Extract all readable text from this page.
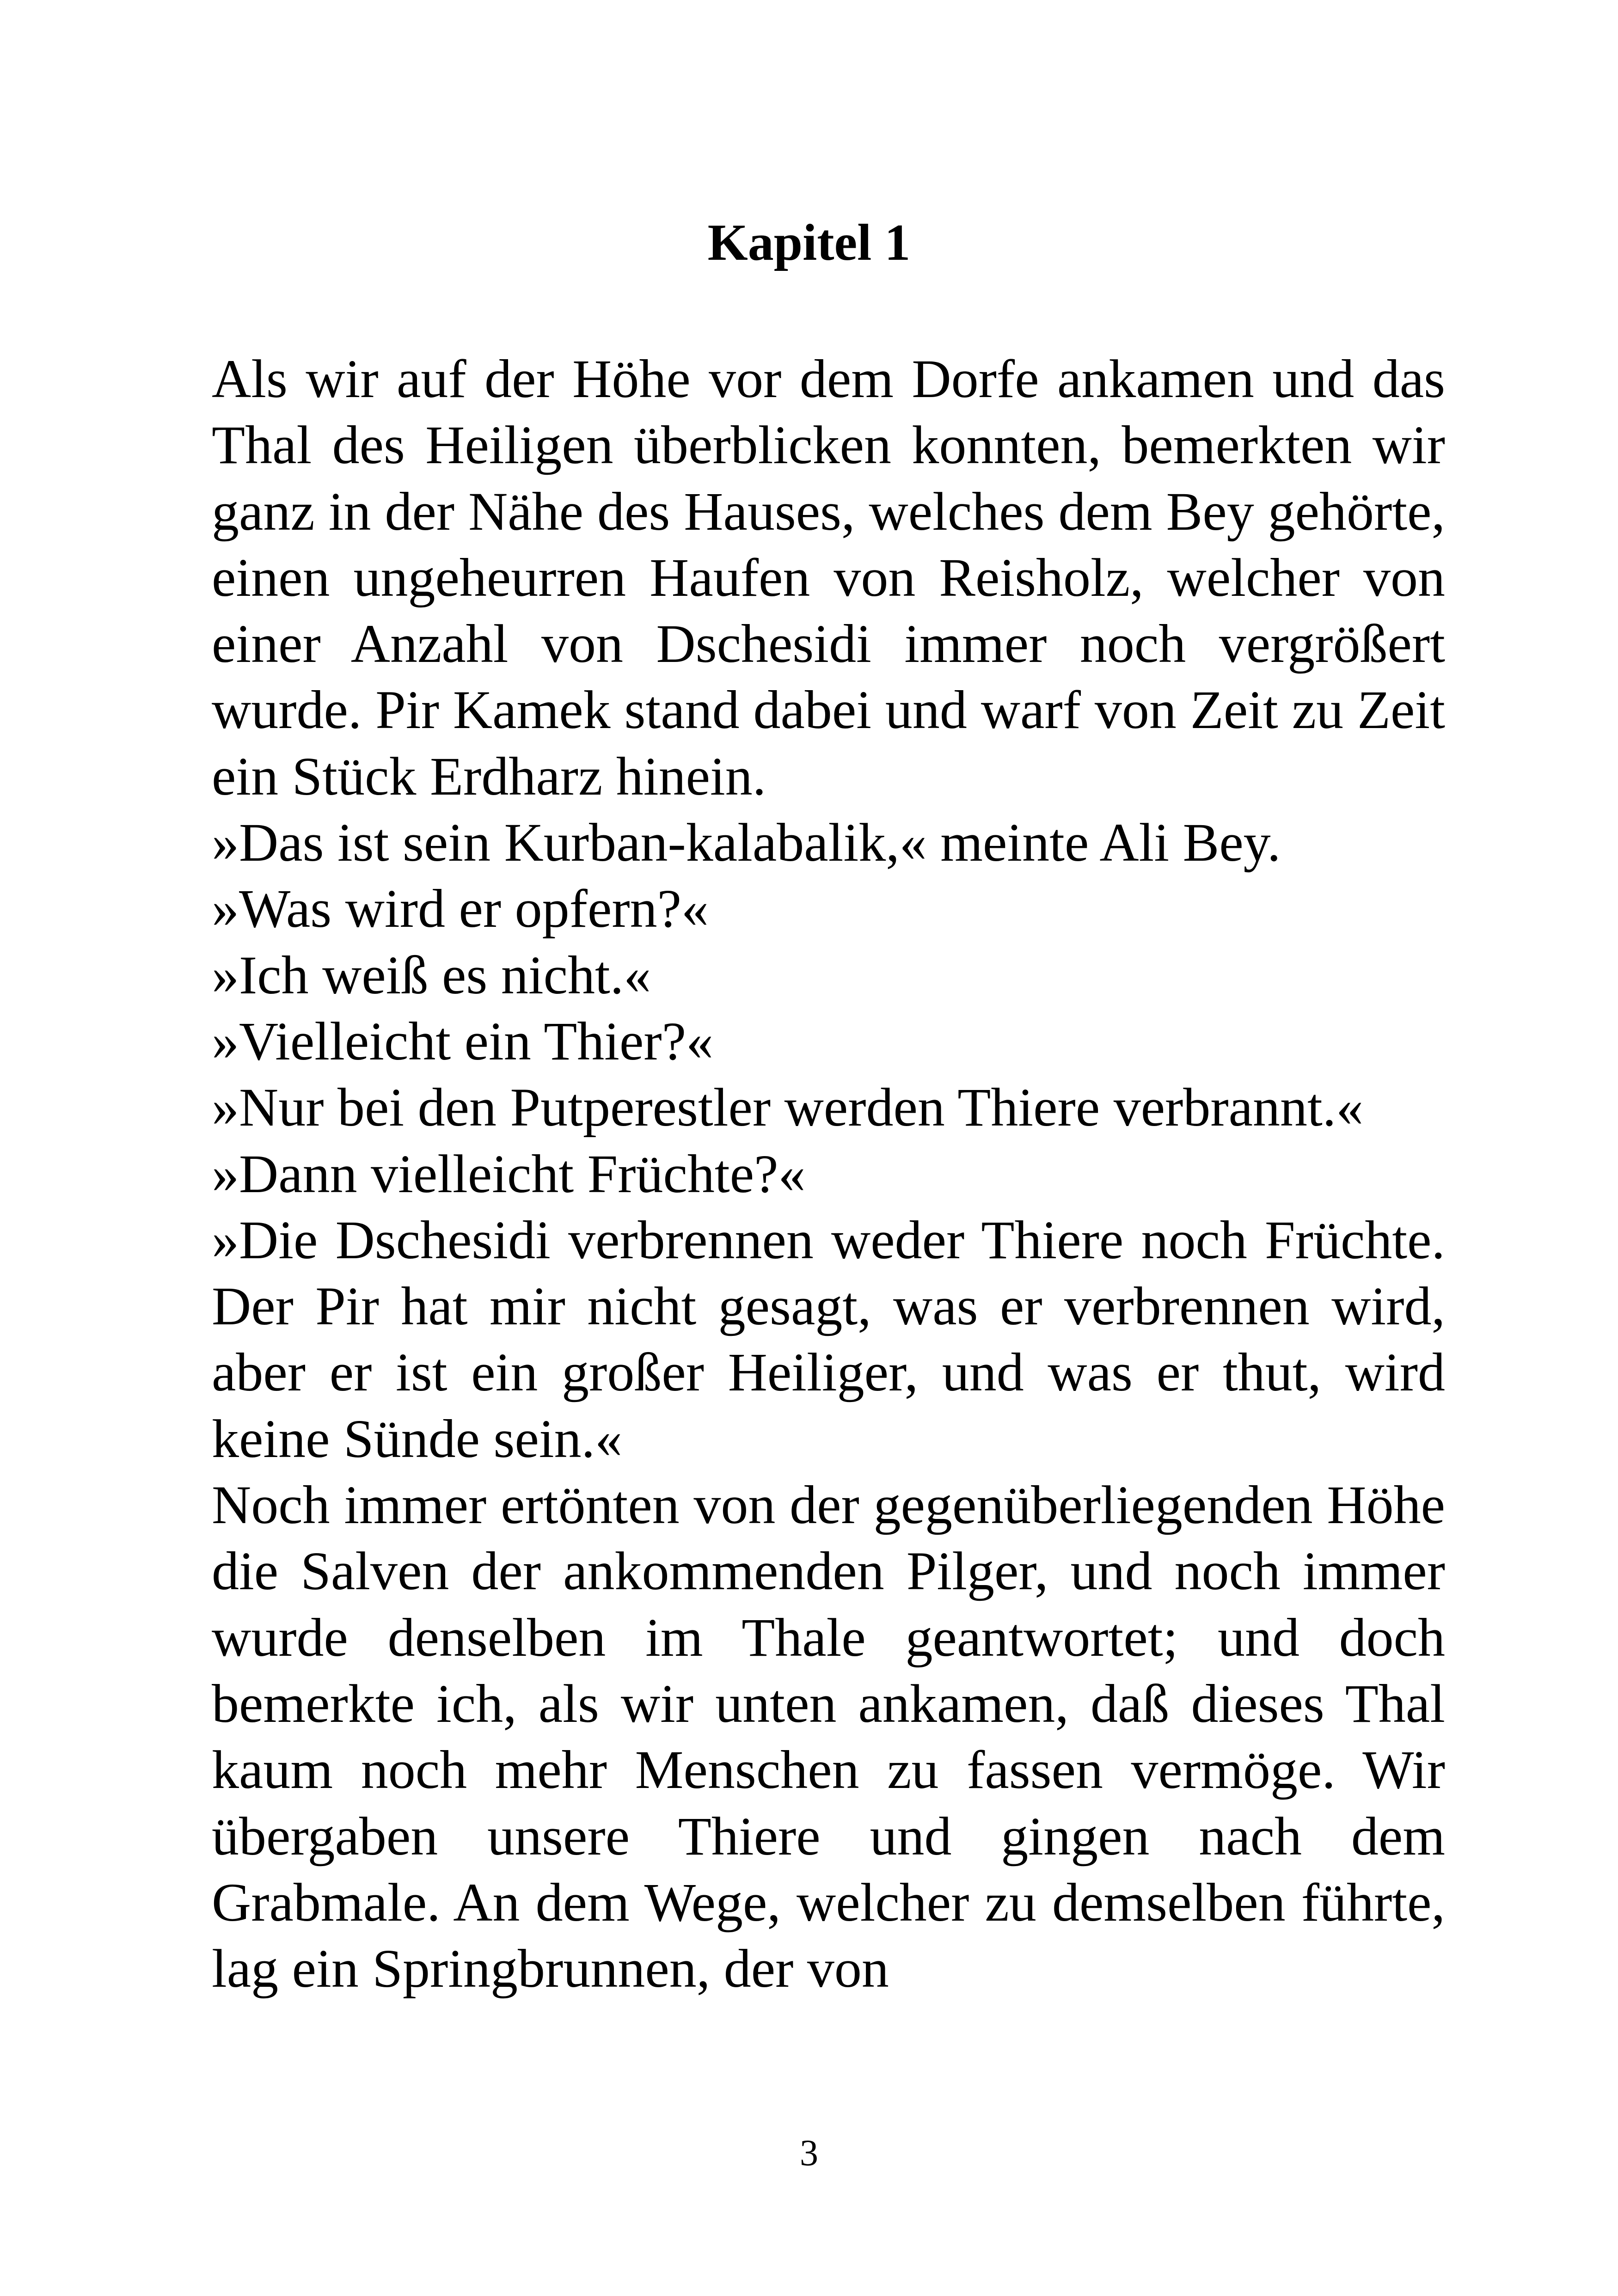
Kapitel 1

Als wir auf der Höhe vor dem Dorfe ankamen und das Thal des Heiligen überblicken konnten, bemerkten wir ganz in der Nähe des Hauses, welches dem Bey gehörte, einen ungeheurren Haufen von Reisholz, welcher von einer Anzahl von Dschesidi immer noch vergrößert wurde. Pir Kamek stand dabei und warf von Zeit zu Zeit ein Stück Erdharz hinein.

»Das ist sein Kurban-kalabalik,« meinte Ali Bey.

»Was wird er opfern?«

»Ich weiß es nicht.«

»Vielleicht ein Thier?«

»Nur bei den Putperestler werden Thiere verbrannt.«

»Dann vielleicht Früchte?«

»Die Dschesidi verbrennen weder Thiere noch Früchte. Der Pir hat mir nicht gesagt, was er verbrennen wird, aber er ist ein großer Heiliger, und was er thut, wird keine Sünde sein.«

Noch immer ertönten von der gegenüberliegenden Höhe die Salven der ankommenden Pilger, und noch immer wurde denselben im Thale geantwortet; und doch bemerkte ich, als wir unten ankamen, daß dieses Thal kaum noch mehr Menschen zu fassen vermöge. Wir übergaben unsere Thiere und gingen nach dem Grabmale. An dem Wege, welcher zu demselben führte, lag ein Springbrunnen, der von

3
